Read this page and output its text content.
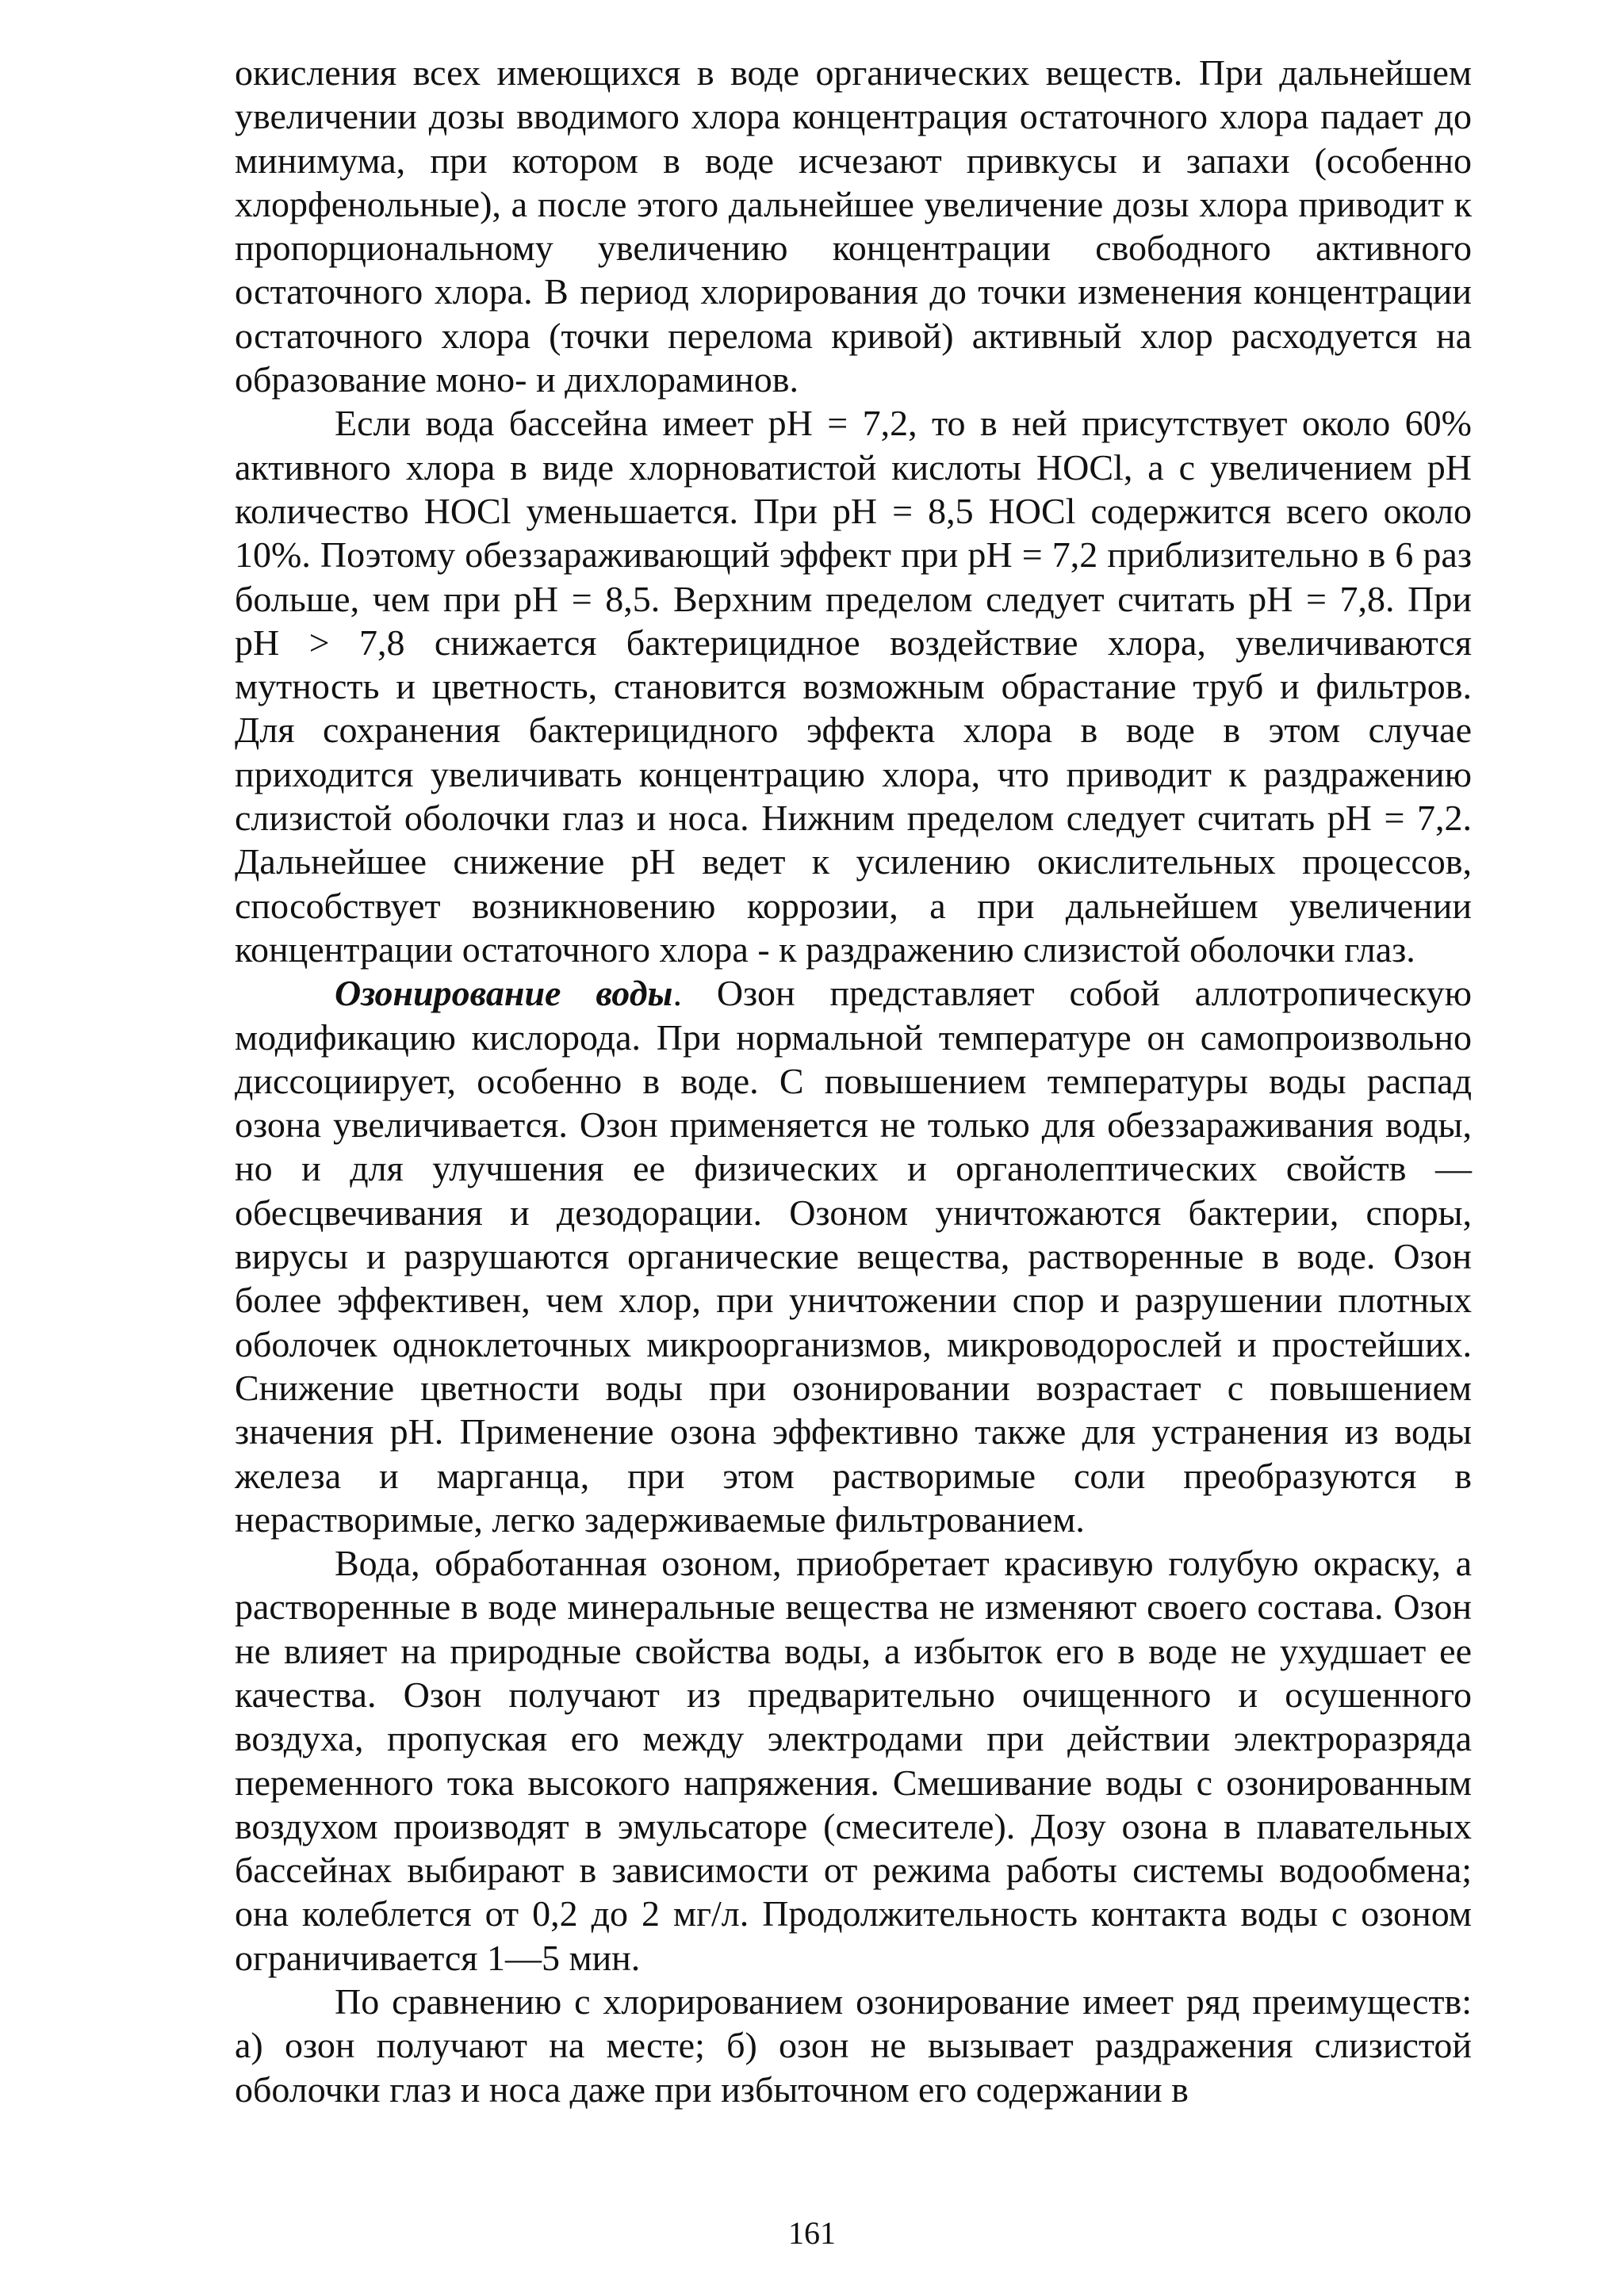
окисления всех имеющихся в воде органических веществ. При дальнейшем увеличении дозы вводимого хлора концентрация остаточного хлора падает до минимума, при котором в воде исчезают привкусы и запахи (особенно хлорфенольные), а после этого дальнейшее увеличение дозы хлора приводит к пропорциональному увеличению концентрации свободного активного остаточного хлора. В период хлорирования до точки изменения концентрации остаточного хлора (точки перелома кривой) активный хлор расходуется на образование моно- и дихлораминов.

Если вода бассейна имеет pH = 7,2, то в ней присутствует около 60% активного хлора в виде хлорноватистой кислоты HOCl, а с увеличением pH количество HOCl уменьшается. При pH = 8,5 HOCl содержится всего около 10%. Поэтому обеззараживающий эффект при pH = 7,2 приблизительно в 6 раз больше, чем при pH = 8,5. Верхним пределом следует считать pH = 7,8. При pH > 7,8 снижается бактерицидное воздействие хлора, увеличиваются мутность и цветность, становится возможным обрастание труб и фильтров. Для сохранения бактерицидного эффекта хлора в воде в этом случае приходится увеличивать концентрацию хлора, что приводит к раздражению слизистой оболочки глаз и носа. Нижним пределом следует считать pH = 7,2. Дальнейшее снижение pH ведет к усилению окислительных процессов, способствует возникновению коррозии, а при дальнейшем увеличении концентрации остаточного хлора - к раздражению слизистой оболочки глаз.

Озонирование воды. Озон представляет собой аллотропическую модификацию кислорода. При нормальной температуре он самопроизвольно диссоциирует, особенно в воде. С повышением температуры воды распад озона увеличивается. Озон применяется не только для обеззараживания воды, но и для улучшения ее физических и органолептических свойств — обесцвечивания и дезодорации. Озоном уничтожаются бактерии, споры, вирусы и разрушаются органические вещества, растворенные в воде. Озон более эффективен, чем хлор, при уничтожении спор и разрушении плотных оболочек одноклеточных микроорганизмов, микроводорослей и простейших. Снижение цветности воды при озонировании возрастает с повышением значения pH. Применение озона эффективно также для устранения из воды железа и марганца, при этом растворимые соли преобразуются в нерастворимые, легко задерживаемые фильтрованием.

Вода, обработанная озоном, приобретает красивую голубую окраску, а растворенные в воде минеральные вещества не изменяют своего состава. Озон не влияет на природные свойства воды, а избыток его в воде не ухудшает ее качества. Озон получают из предварительно очищенного и осушенного воздуха, пропуская его между электродами при действии электроразряда переменного тока высокого напряжения. Смешивание воды с озонированным воздухом производят в эмульсаторе (смесителе). Дозу озона в плавательных бассейнах выбирают в зависимости от режима работы системы водообмена; она колеблется от 0,2 до 2 мг/л. Продолжительность контакта воды с озоном ограничивается 1—5 мин.

По сравнению с хлорированием озонирование имеет ряд преимуществ: а) озон получают на месте; б) озон не вызывает раздражения слизистой оболочки глаз и носа даже при избыточном его содержании в

161
